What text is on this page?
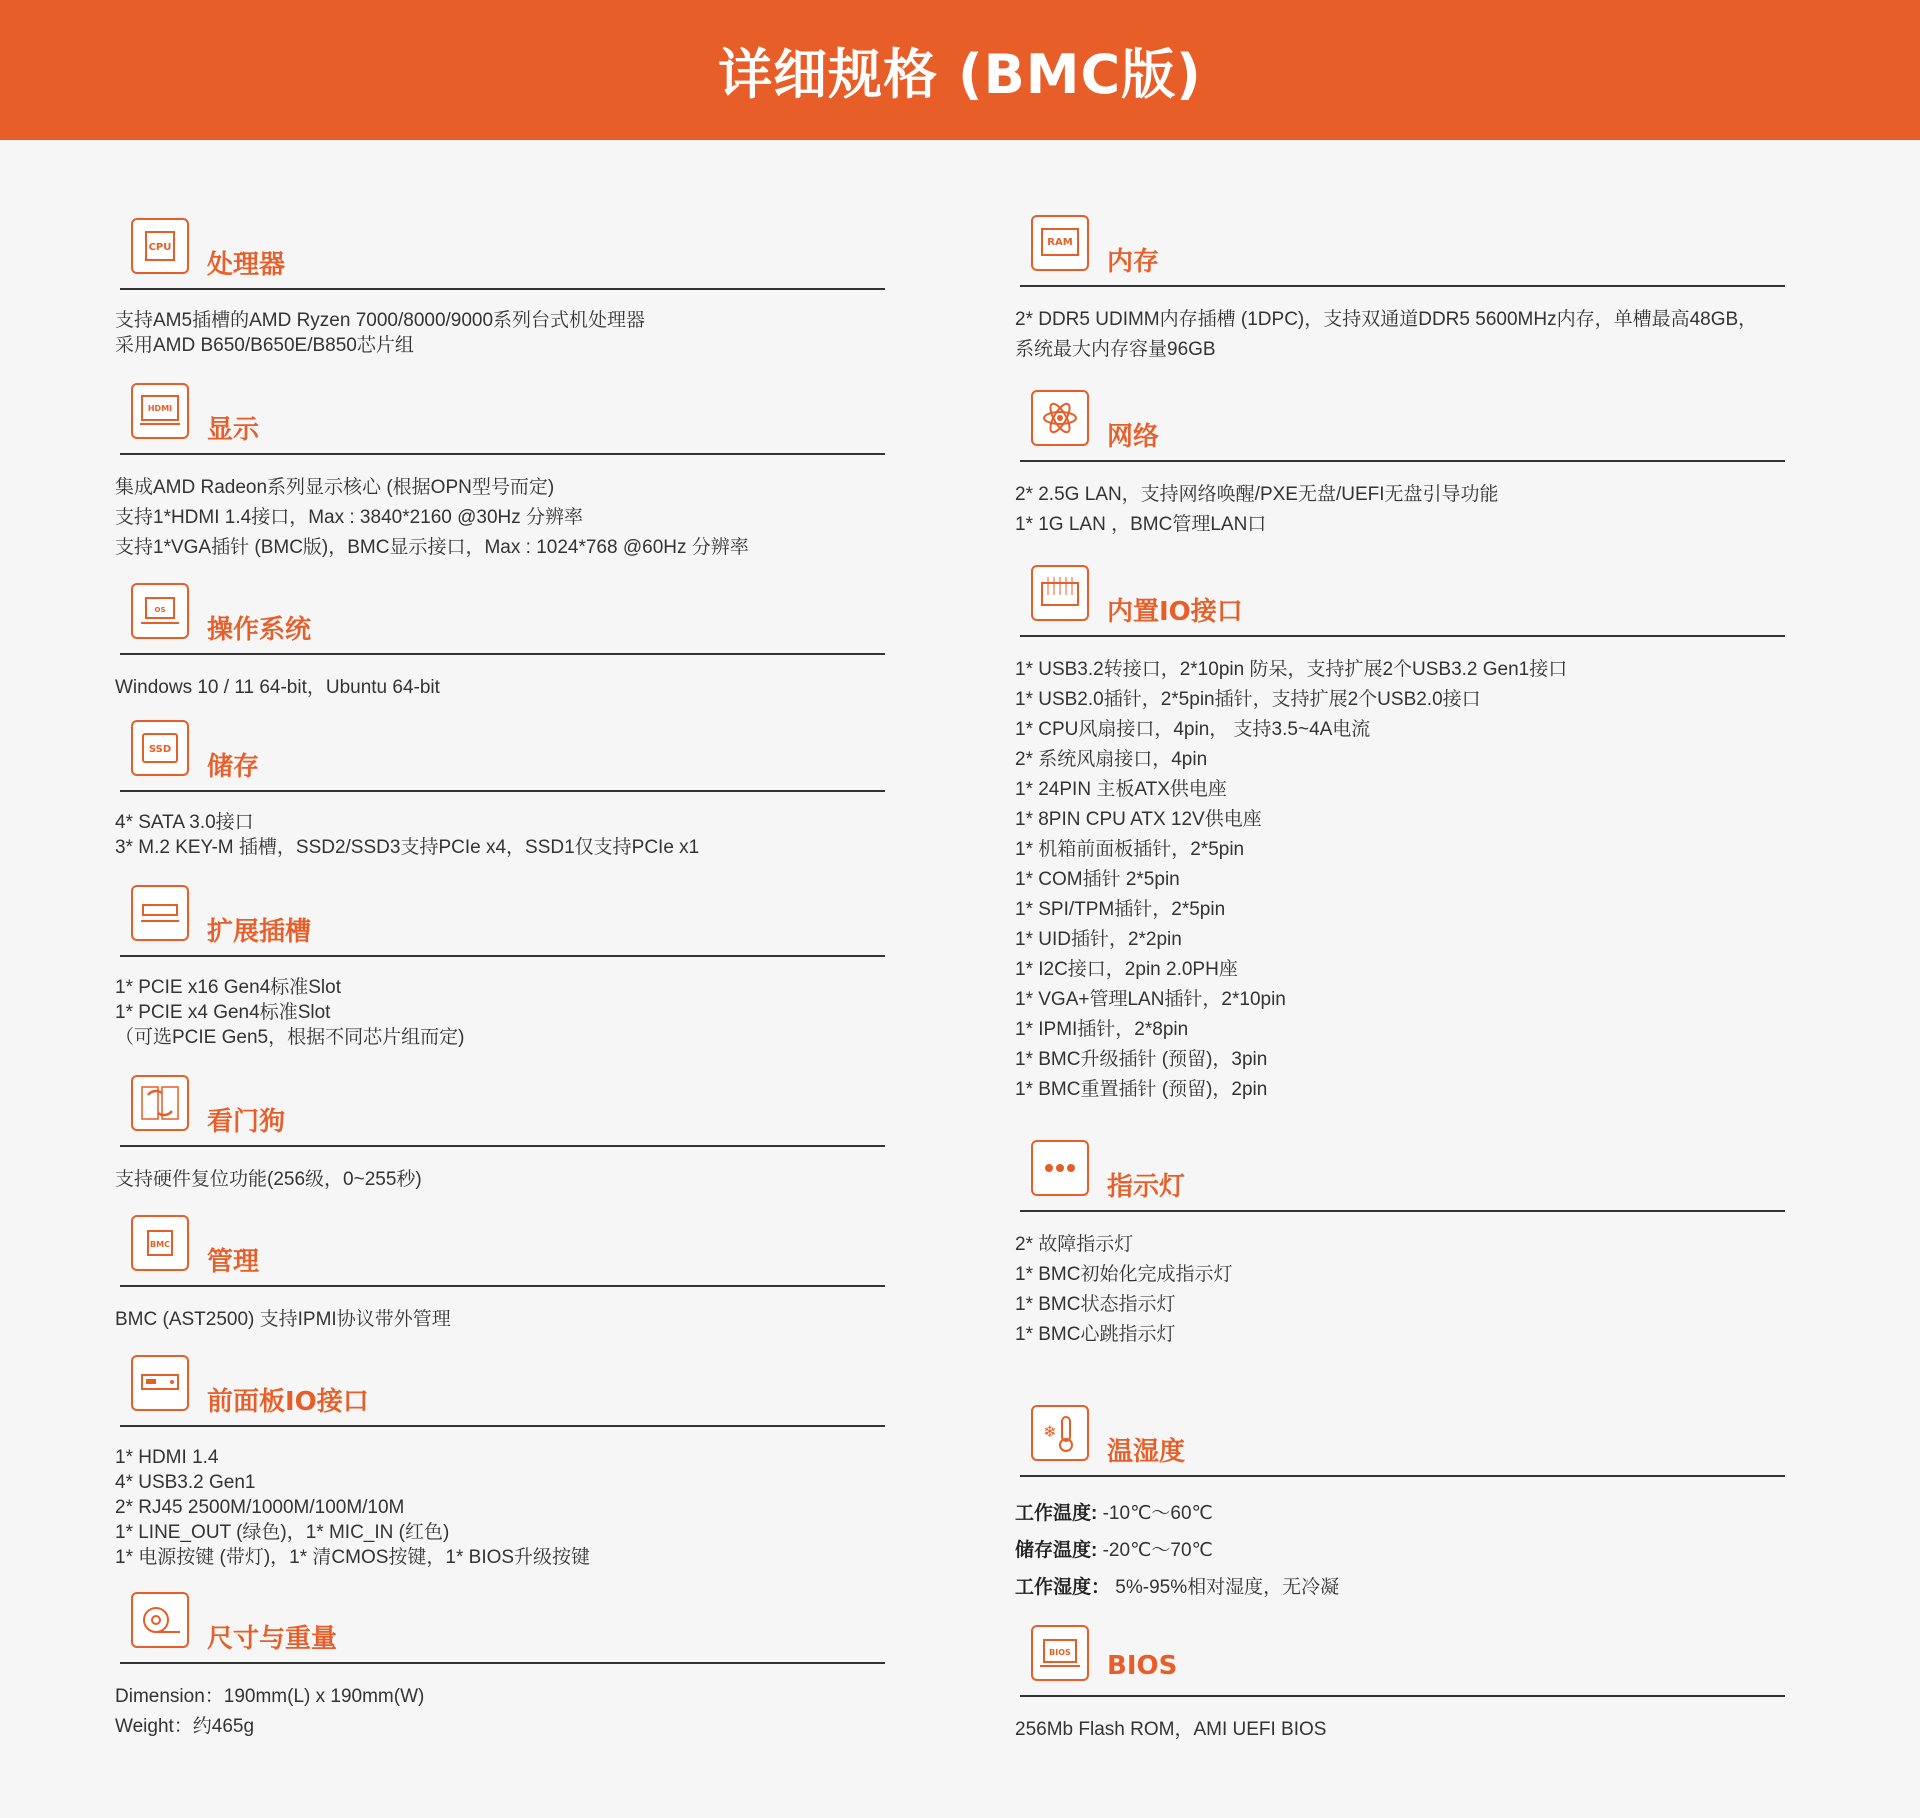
详细规格 (BMC版)
CPU
处理器
支持AM5插槽的AMD Ryzen 7000/8000/9000系列台式机处理器
采用AMD B650/B650E/B850芯片组
HDMI
显示
集成AMD Radeon系列显示核心 (根据OPN型号而定)
支持1*HDMI 1.4接口，Max : 3840*2160 @30Hz 分辨率
支持1*VGA插针 (BMC版)，BMC显示接口，Max : 1024*768 @60Hz 分辨率
OS
操作系统
Windows 10 / 11 64-bit，Ubuntu 64-bit
SSD
储存
4* SATA 3.0接口
3* M.2 KEY-M 插槽，SSD2/SSD3支持PCIe x4，SSD1仅支持PCIe x1
扩展插槽
1* PCIE x16 Gen4标准Slot
1* PCIE x4 Gen4标准Slot
（可选PCIE Gen5，根据不同芯片组而定)
看门狗
支持硬件复位功能(256级，0~255秒)
BMC
管理
BMC (AST2500) 支持IPMI协议带外管理
前面板IO接口
1* HDMI 1.4
4* USB3.2 Gen1
2* RJ45 2500M/1000M/100M/10M
1* LINE_OUT (绿色)，1* MIC_IN (红色)
1* 电源按键 (带灯)，1* 清CMOS按键，1* BIOS升级按键
尺寸与重量
Dimension：190mm(L) x 190mm(W)
Weight：约465g
RAM
内存
2* DDR5 UDIMM内存插槽 (1DPC)，支持双通道DDR5 5600MHz内存，单槽最高48GB，
系统最大内存容量96GB
网络
2* 2.5G LAN，支持网络唤醒/PXE无盘/UEFI无盘引导功能
1* 1G LAN ，BMC管理LAN口
内置IO接口
1* USB3.2转接口，2*10pin 防呆，支持扩展2个USB3.2 Gen1接口
1* USB2.0插针，2*5pin插针，支持扩展2个USB2.0接口
1* CPU风扇接口，4pin， 支持3.5~4A电流
2* 系统风扇接口，4pin
1* 24PIN 主板ATX供电座
1* 8PIN CPU ATX 12V供电座
1* 机箱前面板插针，2*5pin
1* COM插针 2*5pin
1* SPI/TPM插针，2*5pin
1* UID插针，2*2pin
1* I2C接口，2pin 2.0PH座
1* VGA+管理LAN插针，2*10pin
1* IPMI插针，2*8pin
1* BMC升级插针 (预留)，3pin
1* BMC重置插针 (预留)，2pin
指示灯
2* 故障指示灯
1* BMC初始化完成指示灯
1* BMC状态指示灯
1* BMC心跳指示灯
❄
温湿度
工作温度: -10℃～60℃
储存温度: -20℃～70℃
工作湿度： 5%-95%相对湿度，无冷凝
BIOS BIOS
256Mb Flash ROM，AMI UEFI BIOS
